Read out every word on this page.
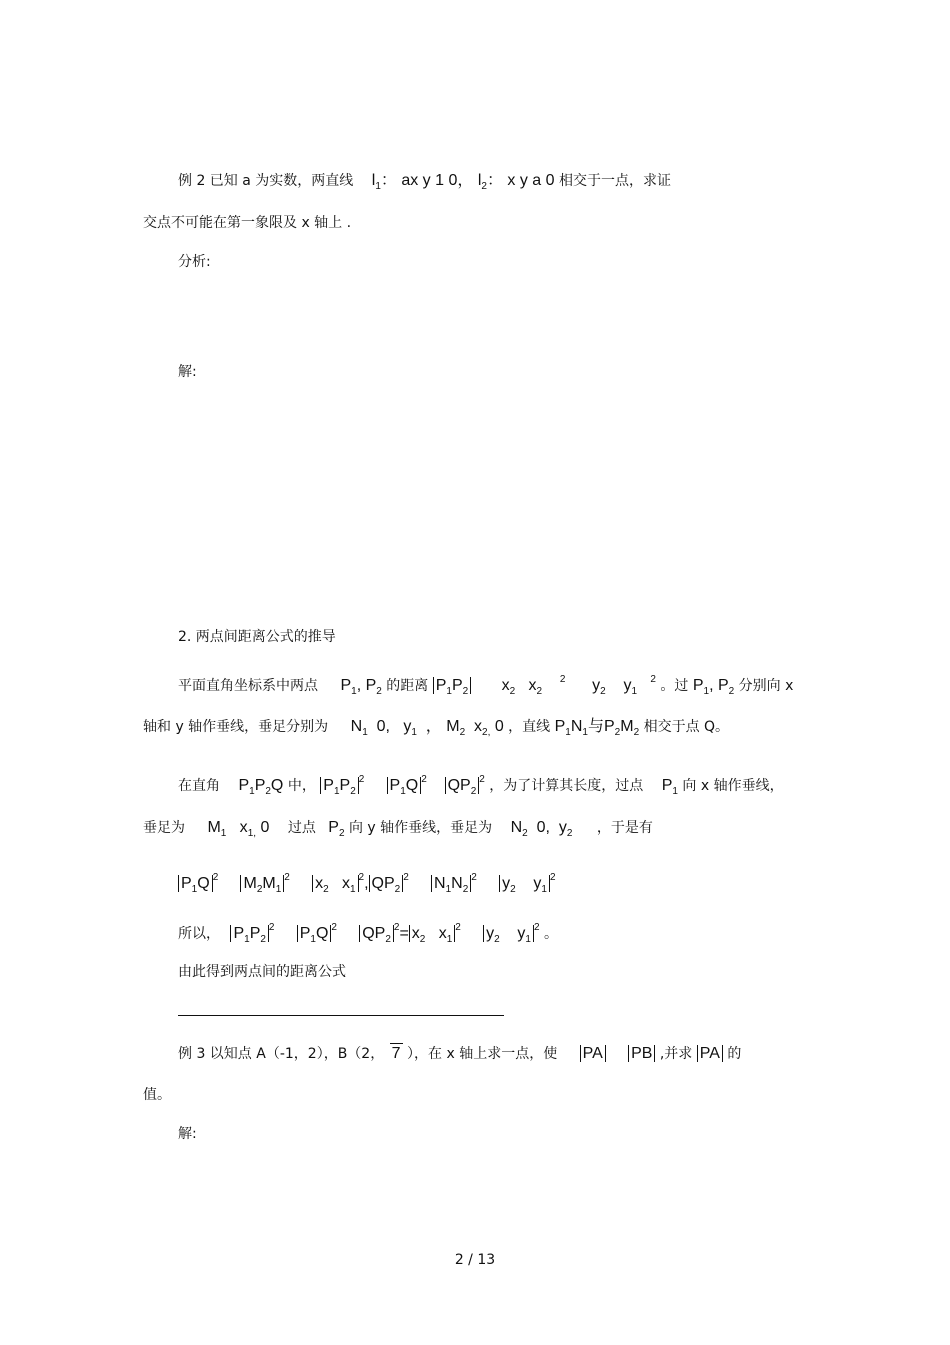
例 2 已知 a 为实数，两直线 $l_1$： ax y 1 0， $l_2$： x y a 0 相交于一点，求证
交点不可能在第一象限及 x 轴上 .
分析:
解:
2. 两点间距离公式的推导
平面直角坐标系中两点 $P_1$, $P_2$ 的距离 $P_1P_2$ $x_2$   $x_2$    $^2$      $y_2$    $y_1$   $^2$ 。过 $P_1$, $P_2$ 分别向 x
轴和 y 轴作垂线，垂足分别为 $N_1$  0,   $y_1$  ， $M_2$  $x_{2,}$ 0 ，直线 $P_1N_1$与$P_2M_2$ 相交于点 Q。
在直角 $P_1P_2Q$ 中， $P_1P_2^2$ $P_1Q$ $^2$ $QP_2^2$ ，为了计算其长度，过点 $P_1$ 向 x 轴作垂线，
垂足为 $M_1$   $x_{1,}$ 0 过点 $P_2$ 向 y 轴作垂线，垂足为 $N_2$  0,  $y_2$ ，于是有
$P_1Q$ $^2$ $M_2M_1^2$ $x_2$   $x_1^2$, $QP_2^2$ $N_1N_2^2$ $y_2$    $y_1^2$
所以， $P_1P_2^2$ $P_1Q$ $^2$ $QP_2^2= x_2$   $x_1^2$ $y_2$    $y_1^2$ 。
由此得到两点间的距离公式
例 3 以知点 A（-1，2），B（2， 7 ），在 x 轴上求一点，使 PA PB ,并求 PA 的
值。
解:
2 / 13
